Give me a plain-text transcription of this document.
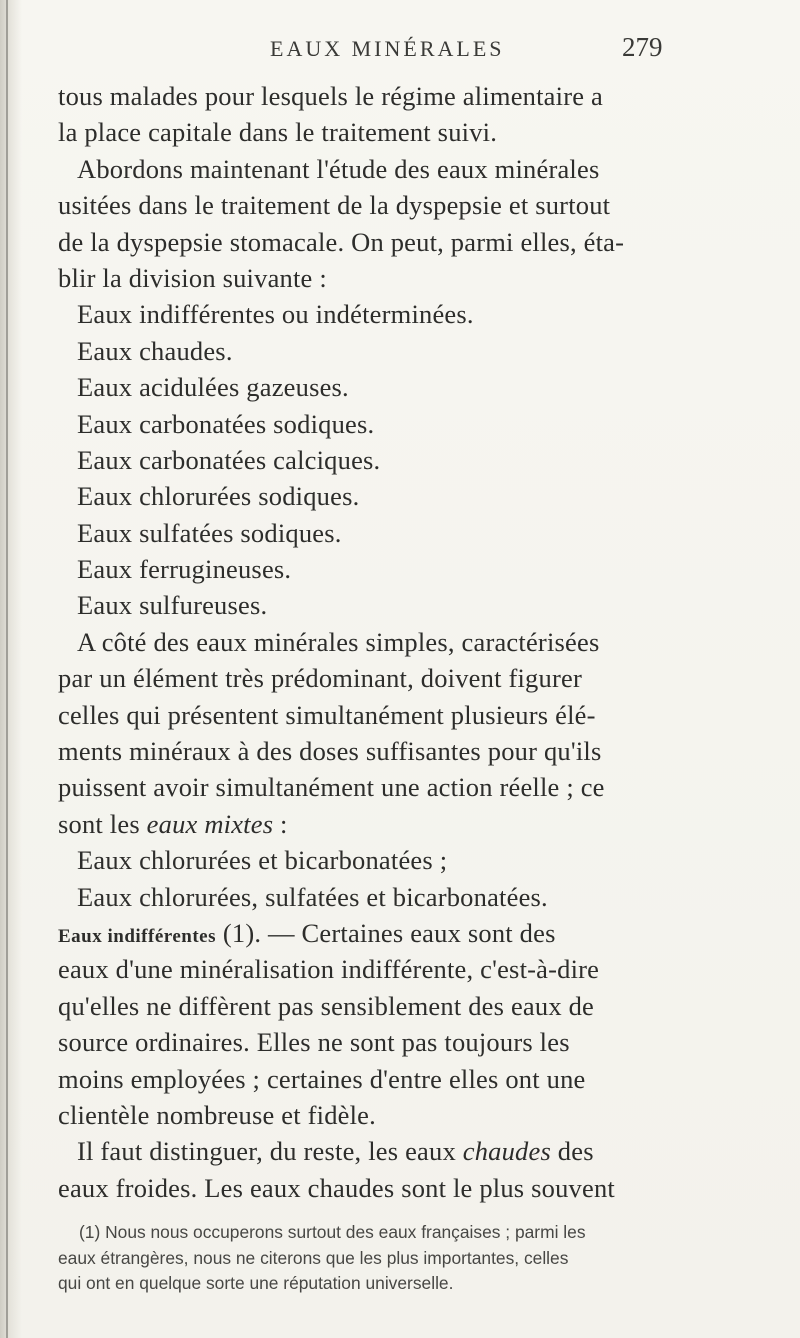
EAUX MINÉRALES	279
tous malades pour lesquels le régime alimentaire a
la place capitale dans le traitement suivi.
Abordons maintenant l'étude des eaux minérales
usitées dans le traitement de la dyspepsie et surtout
de la dyspepsie stomacale. On peut, parmi elles, éta-
blir la division suivante :
Eaux indifférentes ou indéterminées.
Eaux chaudes.
Eaux acidulées gazeuses.
Eaux carbonatées sodiques.
Eaux carbonatées calciques.
Eaux chlorurées sodiques.
Eaux sulfatées sodiques.
Eaux ferrugineuses.
Eaux sulfureuses.
A côté des eaux minérales simples, caractérisées
par un élément très prédominant, doivent figurer
celles qui présentent simultanément plusieurs élé-
ments minéraux à des doses suffisantes pour qu'ils
puissent avoir simultanément une action réelle ; ce
sont les eaux mixtes :
Eaux chlorurées et bicarbonatées ;
Eaux chlorurées, sulfatées et bicarbonatées.
Eaux indifférentes (1). — Certaines eaux sont des
eaux d'une minéralisation indifférente, c'est-à-dire
qu'elles ne diffèrent pas sensiblement des eaux de
source ordinaires. Elles ne sont pas toujours les
moins employées ; certaines d'entre elles ont une
clientèle nombreuse et fidèle.
Il faut distinguer, du reste, les eaux chaudes des
eaux froides. Les eaux chaudes sont le plus souvent
(1) Nous nous occuperons surtout des eaux françaises ; parmi les
eaux étrangères, nous ne citerons que les plus importantes, celles
qui ont en quelque sorte une réputation universelle.
